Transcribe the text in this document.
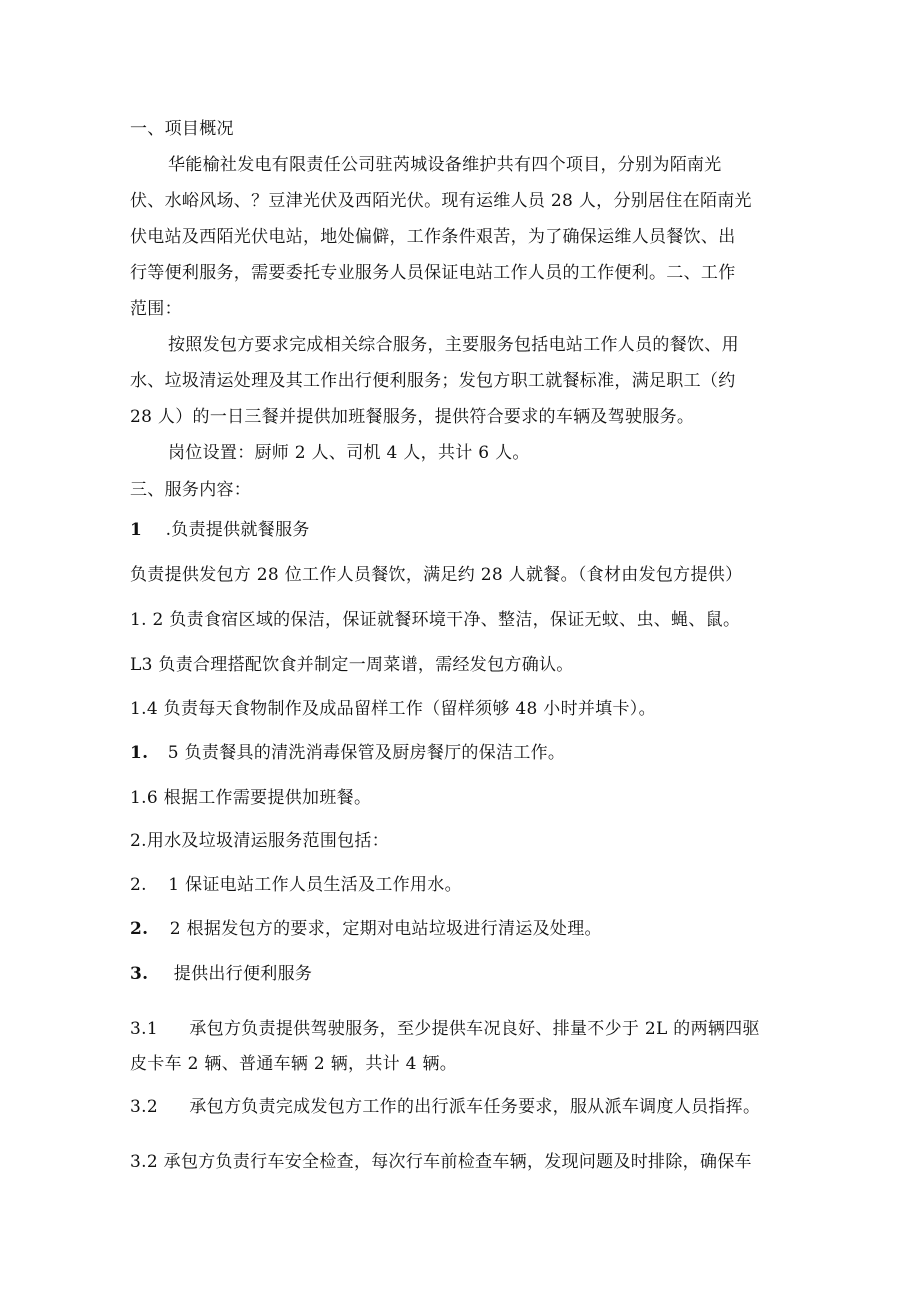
一、项目概况
华能榆社发电有限责任公司驻芮城设备维护共有四个项目，分别为陌南光
伏、水峪风场、？豆津光伏及西陌光伏。现有运维人员 28 人，分别居住在陌南光
伏电站及西陌光伏电站，地处偏僻，工作条件艰苦，为了确保运维人员餐饮、出
行等便利服务，需要委托专业服务人员保证电站工作人员的工作便利。二、工作
范围：
按照发包方要求完成相关综合服务，主要服务包括电站工作人员的餐饮、用
水、垃圾清运处理及其工作出行便利服务；发包方职工就餐标准，满足职工（约
28 人）的一日三餐并提供加班餐服务，提供符合要求的车辆及驾驶服务。
岗位设置：厨师 2 人、司机 4 人，共计 6 人。
三、服务内容：
1 .负责提供就餐服务
负责提供发包方 28 位工作人员餐饮，满足约 28 人就餐。（食材由发包方提供）
1. 2 负责食宿区域的保洁，保证就餐环境干净、整洁，保证无蚊、虫、蝇、鼠。
L3 负责合理搭配饮食并制定一周菜谱，需经发包方确认。
1.4 负责每天食物制作及成品留样工作（留样须够 48 小时并填卡）。
1. 5 负责餐具的清洗消毒保管及厨房餐厅的保洁工作。
1.6 根据工作需要提供加班餐。
2.用水及垃圾清运服务范围包括：
2. 1 保证电站工作人员生活及工作用水。
2. 2 根据发包方的要求，定期对电站垃圾进行清运及处理。
3. 提供出行便利服务
3.1 承包方负责提供驾驶服务，至少提供车况良好、排量不少于 2L 的两辆四驱
皮卡车 2 辆、普通车辆 2 辆，共计 4 辆。
3.2 承包方负责完成发包方工作的出行派车任务要求，服从派车调度人员指挥。
3.2 承包方负责行车安全检查，每次行车前检查车辆，发现问题及时排除，确保车
